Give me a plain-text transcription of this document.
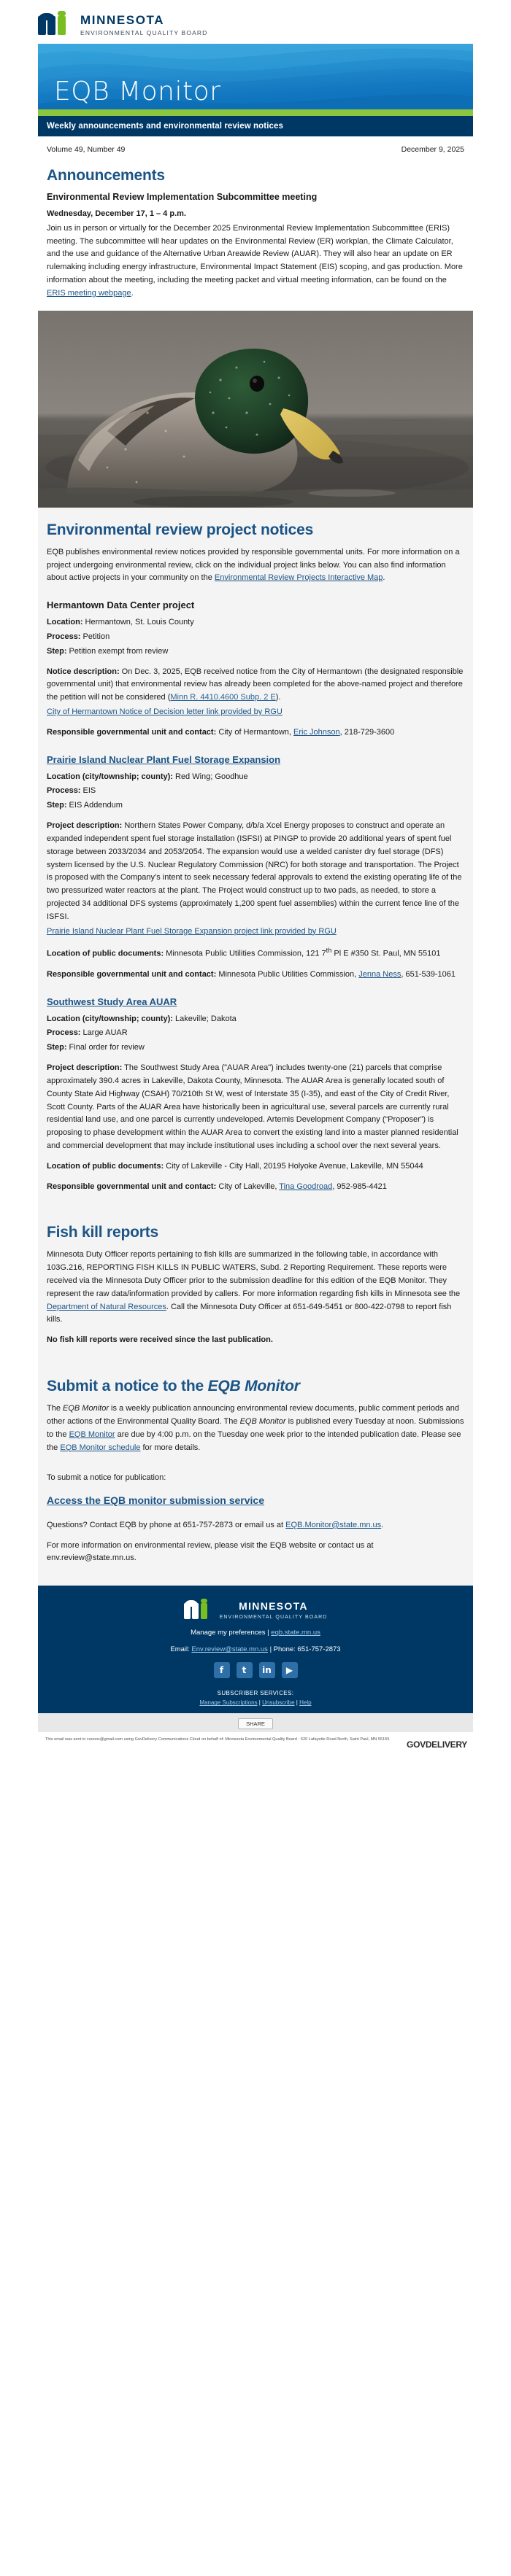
MINNESOTA
ENVIRONMENTAL QUALITY BOARD
EQB Monitor
Weekly announcements and environmental review notices
Volume 49, Number 49	December 9, 2025
Announcements
Environmental Review Implementation Subcommittee meeting

Wednesday, December 17, 1 – 4 p.m.

Join us in person or virtually for the December 2025 Environmental Review Implementation Subcommittee (ERIS) meeting. The subcommittee will hear updates on the Environmental Review (ER) workplan, the Climate Calculator, and the use and guidance of the Alternative Urban Areawide Review (AUAR). They will also hear an update on ER rulemaking including energy infrastructure, Environmental Impact Statement (EIS) scoping, and gas production. More information about the meeting, including the meeting packet and virtual meeting information, can be found on the ERIS meeting webpage.

Environmental review project notices

EQB publishes environmental review notices provided by responsible governmental units. For more information on a project undergoing environmental review, click on the individual project links below. You can also find information about active projects in your community on the Environmental Review Projects Interactive Map.

Hermantown Data Center project

Location: Hermantown, St. Louis County

Process: Petition

Step: Petition exempt from review

Notice description: On Dec. 3, 2025, EQB received notice from the City of Hermantown (the designated responsible governmental unit) that environmental review has already been completed for the above-named project and therefore the petition will not be considered (Minn R. 4410.4600 Subp. 2 E).

City of Hermantown Notice of Decision letter link provided by RGU

Responsible governmental unit and contact: City of Hermantown, Eric Johnson, 218-729-3600

Prairie Island Nuclear Plant Fuel Storage Expansion

Location (city/township; county): Red Wing; Goodhue

Process: EIS

Step: EIS Addendum

Project description: Northern States Power Company, d/b/a Xcel Energy proposes to construct and operate an expanded independent spent fuel storage installation (ISFSI) at PINGP to provide 20 additional years of spent fuel storage between 2033/2034 and 2053/2054. The expansion would use a welded canister dry fuel storage (DFS) system licensed by the U.S. Nuclear Regulatory Commission (NRC) for both storage and transportation. The Project is proposed with the Company’s intent to seek necessary federal approvals to extend the existing operating life of the two pressurized water reactors at the plant. The Project would construct up to two pads, as needed, to store a projected 34 additional DFS systems (approximately 1,200 spent fuel assemblies) within the current fence line of the ISFSI.

Prairie Island Nuclear Plant Fuel Storage Expansion project link provided by RGU

Location of public documents: Minnesota Public Utilities Commission, 121 7th Pl E #350 St. Paul, MN 55101

Responsible governmental unit and contact: Minnesota Public Utilities Commission, Jenna Ness, 651-539-1061

Southwest Study Area AUAR

Location (city/township; county): Lakeville; Dakota

Process: Large AUAR

Step: Final order for review

Project description: The Southwest Study Area ("AUAR Area") includes twenty-one (21) parcels that comprise approximately 390.4 acres in Lakeville, Dakota County, Minnesota. The AUAR Area is generally located south of County State Aid Highway (CSAH) 70/210th St W, west of Interstate 35 (I-35), and east of the City of Credit River, Scott County. Parts of the AUAR Area have historically been in agricultural use, several parcels are currently rural residential land use, and one parcel is currently undeveloped. Artemis Development Company (“Proposer”) is proposing to phase development within the AUAR Area to convert the existing land into a master planned residential and commercial development that may include institutional uses including a school over the next several years.

Location of public documents: City of Lakeville - City Hall, 20195 Holyoke Avenue, Lakeville, MN 55044

Responsible governmental unit and contact: City of Lakeville, Tina Goodroad, 952-985-4421

Fish kill reports

Minnesota Duty Officer reports pertaining to fish kills are summarized in the following table, in accordance with 103G.216, REPORTING FISH KILLS IN PUBLIC WATERS, Subd. 2 Reporting Requirement. These reports were received via the Minnesota Duty Officer prior to the submission deadline for this edition of the EQB Monitor. They represent the raw data/information provided by callers. For more information regarding fish kills in Minnesota see the Department of Natural Resources. Call the Minnesota Duty Officer at 651-649-5451 or 800-422-0798 to report fish kills.

No fish kill reports were received since the last publication.

Submit a notice to the EQB Monitor

The EQB Monitor is a weekly publication announcing environmental review documents, public comment periods and other actions of the Environmental Quality Board. The EQB Monitor is published every Tuesday at noon. Submissions to the EQB Monitor are due by 4:00 p.m. on the Tuesday one week prior to the intended publication date. Please see the EQB Monitor schedule for more details.

To submit a notice for publication:

Access the EQB monitor submission service

Questions? Contact EQB by phone at 651-757-2873 or email us at EQB.Monitor@state.mn.us.

For more information on environmental review, please visit the EQB website or contact us at env.review@state.mn.us.

MINNESOTA
ENVIRONMENTAL QUALITY BOARD
Manage my preferences | eqb.state.mn.us
Email: Env.review@state.mn.us | Phone: 651-757-2873
f	t	in	▶
SUBSCRIBER SERVICES:
Manage Subscriptions | Unsubscribe | Help
SHARE
This email was sent to cooooc@gmail.com using GovDelivery Communications Cloud on behalf of: Minnesota Environmental Quality Board · 520 Lafayette Road North, Saint Paul, MN 55155 GOVDELIVERY
